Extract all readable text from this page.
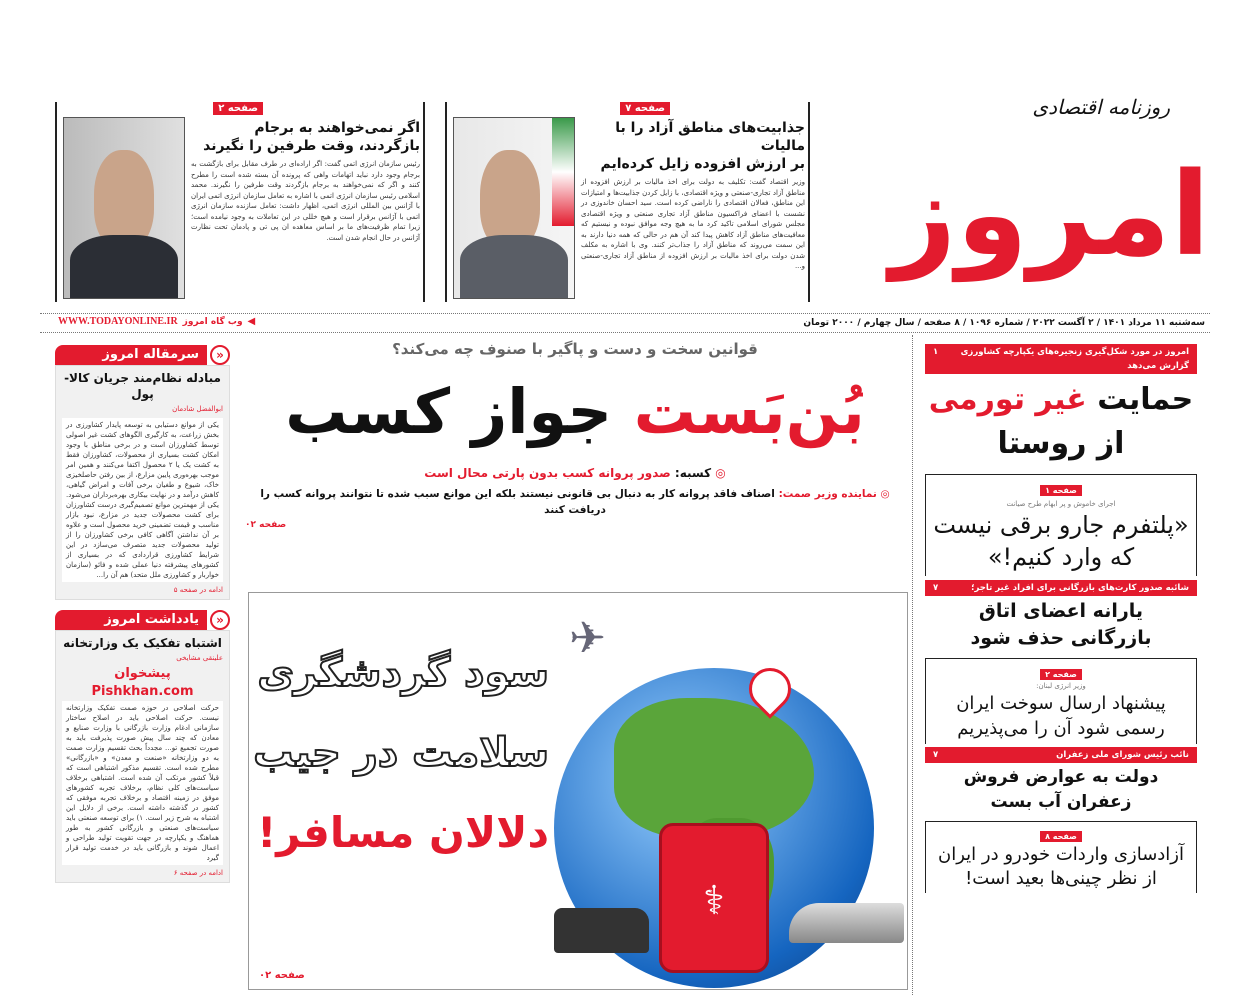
روزنامه اقتصادی
امروز
صفحه ۷
جذابیت‌های مناطق آزاد را با مالیات
بر ارزش افزوده زایل کرده‌ایم
وزیر اقتصاد گفت: تکلیف به دولت برای اخذ مالیات بر ارزش افزوده از مناطق آزاد تجاری-صنعتی و ویژه اقتصادی، با زایل کردن جذابیت‌ها و امتیازات این مناطق، فعالان اقتصادی را ناراضی کرده است. سید احسان خاندوزی در نشست با اعضای فراکسیون مناطق آزاد تجاری صنعتی و ویژه اقتصادی مجلس شورای اسلامی تاکید کرد ما به هیچ وجه موافق نبوده و نیستیم که معافیت‌های مناطق آزاد کاهش پیدا کند آن هم در حالی که همه دنیا دارند به این سمت می‌روند که مناطق آزاد را جذاب‌تر کنند. وی با اشاره به مکلف شدن دولت برای اخذ مالیات بر ارزش افزوده از مناطق آزاد تجاری-صنعتی و...
صفحه ۲
اگر نمی‌خواهند به برجام
بازگردند، وقت طرفین را نگیرند
رئیس سازمان انرژی اتمی گفت: اگر اراده‌ای در طرف مقابل برای بازگشت به برجام وجود دارد نباید اتهامات واهی که پرونده آن بسته شده است را مطرح کنند و اگر که نمی‌خواهند به برجام بازگردند وقت طرفین را نگیرند. محمد اسلامی رئیس سازمان انرژی اتمی با اشاره به تعامل سازمان انرژی اتمی ایران با آژانس بین المللی انرژی اتمی، اظهار داشت: تعامل سازنده سازمان انرژی اتمی با آژانس برقرار است و هیچ خللی در این تعاملات به وجود نیامده است؛ زیرا تمام ظرفیت‌های ما بر اساس معاهده ان پی تی و پادمان تحت نظارت آژانس در حال انجام شدن است.
سه‌شنبه ۱۱ مرداد ۱۴۰۱ / ۲ آگست ۲۰۲۲ / شماره ۱۰۹۶ / ۸ صفحه / سال چهارم / ۲۰۰۰ تومان
WWW.TODAYONLINE.IR وب گاه امروز ◀
قوانین سخت و دست و پاگیر با صنوف چه می‌کند؟
بُن‌بَست جواز کسب
◎ کسبه: صدور پروانه کسب بدون پارتی محال است
◎ نماینده وزیر صمت: اصناف فاقد پروانه کار به دنبال بی قانونی نیستند بلکه این موانع سبب شده تا نتوانند پروانه کسب را دریافت کنند
صفحه ۰۲
⚕
✈
سود گردشگری
سلامت در جیب
دلالان مسافر!
صفحه ۰۲
«
سرمقاله امروز
مبادله نظام‌مند جریان کالا-پول
ابوالفضل شادمان
یکی از موانع دستیابی به توسعه پایدار کشاورزی در بخش زراعت، به کارگیری الگوهای کشت غیر اصولی توسط کشاورزان است و در برخی مناطق با وجود امکان کشت بسیاری از محصولات، کشاورزان فقط به کشت یک یا ۲ محصول اکتفا می‌کنند و همین امر موجب بهره‌وری پایین مزارع، از بین رفتن حاصلخیزی خاک، شیوع و طغیان برخی آفات و امراض گیاهی، کاهش درآمد و در نهایت بیکاری بهره‌برداران می‌شود. یکی از مهمترین موانع تصمیم‌گیری درست کشاورزان برای کشت محصولات جدید در مزارع، نبود بازار مناسب و قیمت تضمینی خرید محصول است و علاوه بر آن نداشتن آگاهی کافی برخی کشاورزان را از تولید محصولات جدید متصرف می‌سازد در این شرایط کشاورزی قراردادی که در بسیاری از کشورهای پیشرفته دنیا عملی شده و فائو (سازمان خواربار و کشاورزی ملل متحد) هم آن را...
ادامه در صفحه ۵
«
یادداشت امروز
اشتباه تفکیک یک وزارتخانه
علینقی مشایخی
پیشخوان Pishkhan.com
حرکت اصلاحی در حوزه صمت تفکیک وزارتخانه نیست. حرکت اصلاحی باید در اصلاح ساختار سازمانی ادغام وزارت بازرگانی با وزارت صنایع و معادن که چند سال پیش صورت پذیرفت باید به صورت تجمیع تو... مجدداً بحث تقسیم وزارت صمت به دو وزارتخانه «صنعت و معدن» و «بازرگانی» مطرح شده است. تقسیم مذکور اشتباهی است که قبلاً کشور مرتکب آن شده است. اشتباهی برخلاف سیاست‌های کلی نظام، برخلاف تجربه کشورهای موفق در زمینه اقتصاد و برخلاف تجربه موفقی که کشور در گذشته داشته است. برخی از دلایل این اشتباه به شرح زیر است. ۱) برای توسعه صنعتی باید سیاست‌های صنعتی و بازرگانی کشور به طور هماهنگ و یکپارچه در جهت تقویت تولید طراحی و اعمال شوند و بازرگانی باید در خدمت تولید قرار گیرد
ادامه در صفحه ۶
امروز در مورد شکل‌گیری زنجیره‌های یکپارچه کشاورزی گزارش می‌دهد
۱
حمایت غیر تورمی
از روستا
صفحه ۱
اجرای خاموش و پر ابهام طرح صیانت
«پلتفرم جارو برقی نیست که وارد کنیم!»
شائبه صدور کارت‌های بازرگانی برای افراد غیر تاجر؛
۷
یارانه اعضای اتاق بازرگانی حذف شود
صفحه ۲
وزیر انرژی لبنان:
پیشنهاد ارسال سوخت ایران رسمی شود آن را می‌پذیریم
نائب رئیس شورای ملی زعفران
۷
دولت به عوارض فروش زعفران آب بست
صفحه ۸
آزادسازی واردات خودرو در ایران از نظر چینی‌ها بعید است!
